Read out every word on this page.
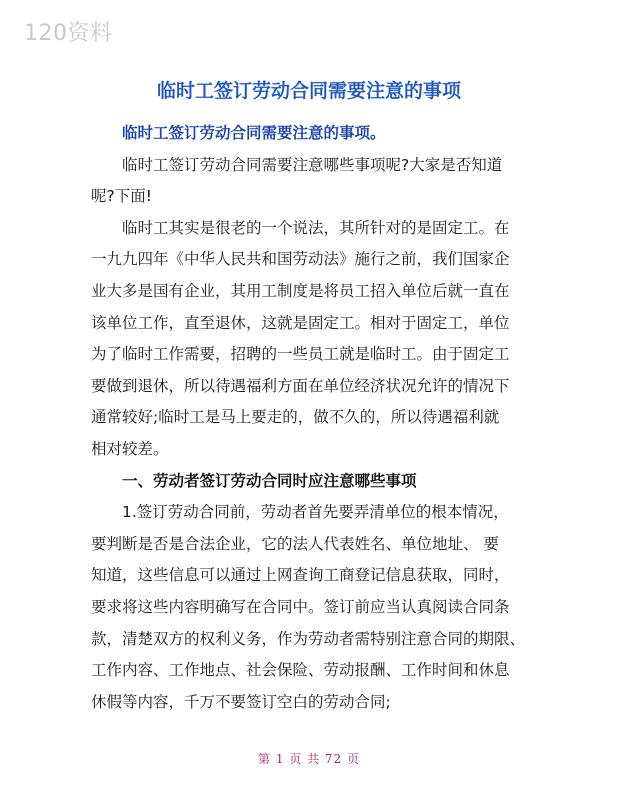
120资料
临时工签订劳动合同需要注意的事项
临时工签订劳动合同需要注意的事项。
临时工签订劳动合同需要注意哪些事项呢?大家是否知道
呢?下面!
临时工其实是很老的一个说法，其所针对的是固定工。在
一九九四年《中华人民共和国劳动法》施行之前，我们国家企
业大多是国有企业，其用工制度是将员工招入单位后就一直在
该单位工作，直至退休，这就是固定工。相对于固定工，单位
为了临时工作需要，招聘的一些员工就是临时工。由于固定工
要做到退休，所以待遇福利方面在单位经济状况允许的情况下
通常较好;临时工是马上要走的，做不久的，所以待遇福利就
相对较差。
一、劳动者签订劳动合同时应注意哪些事项
1.签订劳动合同前，劳动者首先要弄清单位的根本情况，
要判断是否是合法企业，它的法人代表姓名、单位地址、 要
知道，这些信息可以通过上网查询工商登记信息获取，同时，
要求将这些内容明确写在合同中。签订前应当认真阅读合同条
款，清楚双方的权利义务，作为劳动者需特别注意合同的期限、
工作内容、工作地点、社会保险、劳动报酬、工作时间和休息
休假等内容，千万不要签订空白的劳动合同;
第 1 页 共 72 页
